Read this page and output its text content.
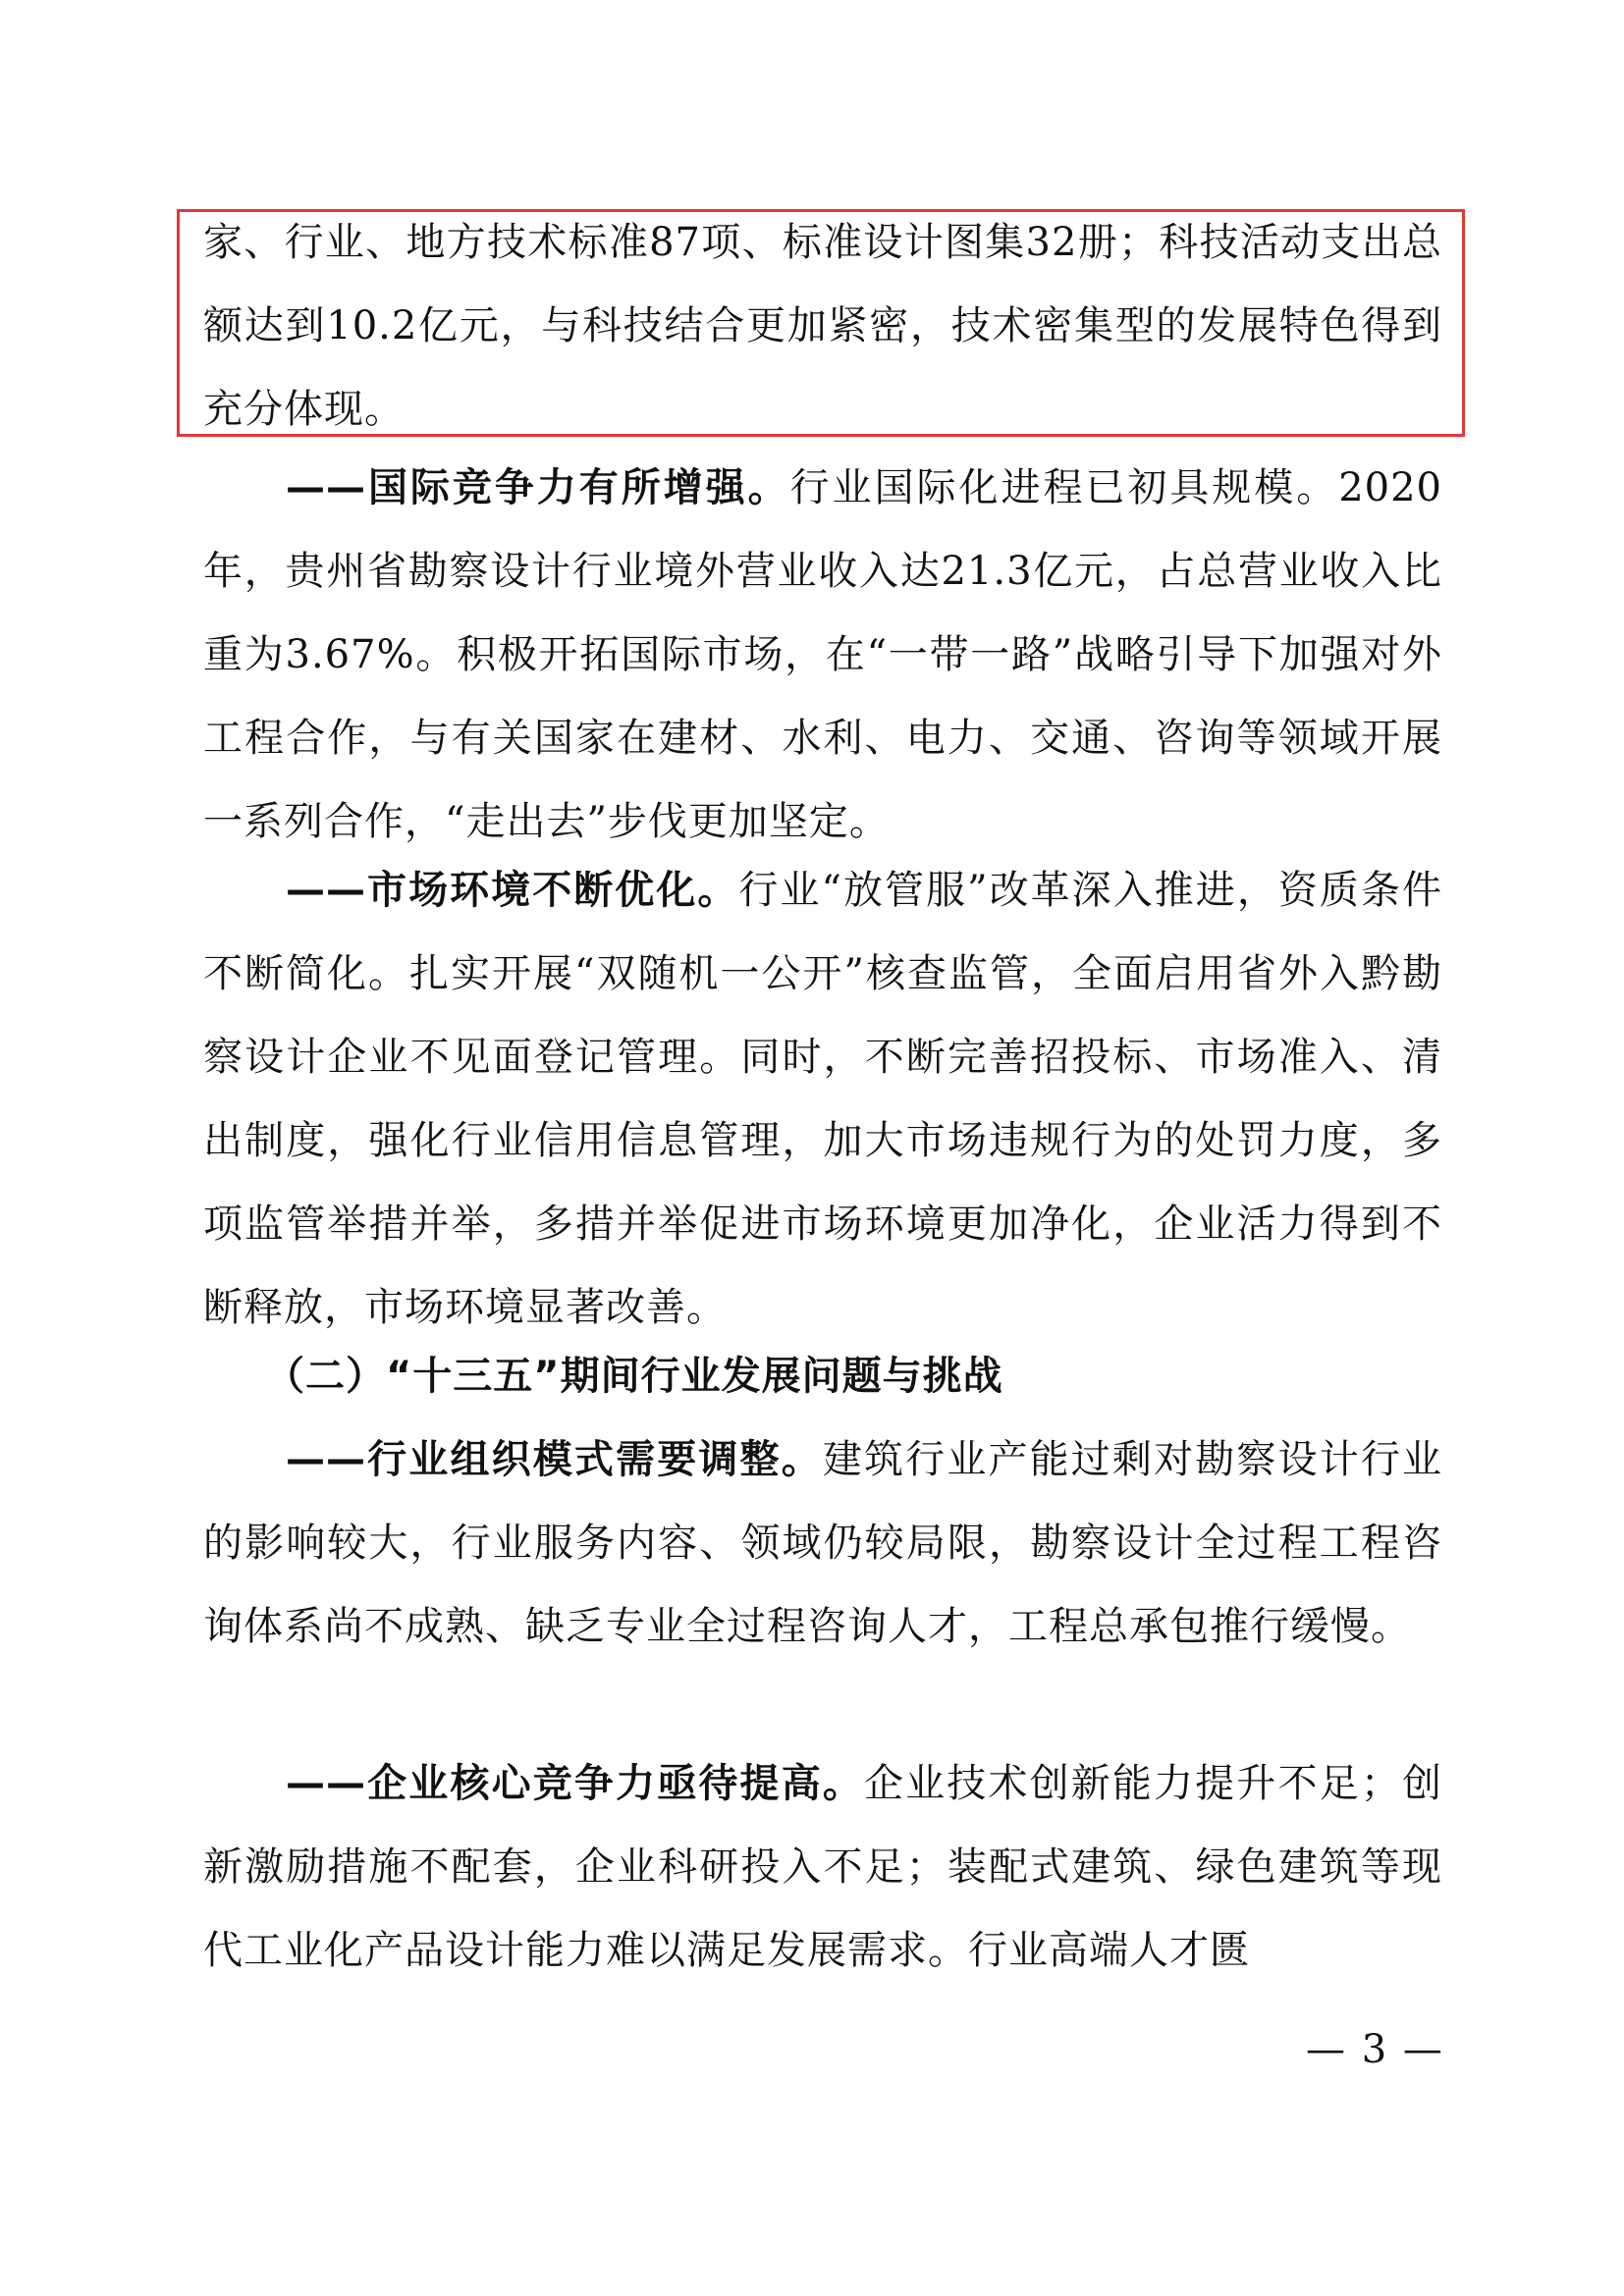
家、行业、地方技术标准87项、标准设计图集32册；科技活动支出总额达到10.2亿元，与科技结合更加紧密，技术密集型的发展特色得到充分体现。

——国际竞争力有所增强。行业国际化进程已初具规模。2020年，贵州省勘察设计行业境外营业收入达21.3亿元，占总营业收入比重为3.67%。积极开拓国际市场，在“一带一路”战略引导下加强对外工程合作，与有关国家在建材、水利、电力、交通、咨询等领域开展一系列合作，“走出去”步伐更加坚定。

——市场环境不断优化。行业“放管服”改革深入推进，资质条件不断简化。扎实开展“双随机一公开”核查监管，全面启用省外入黔勘察设计企业不见面登记管理。同时，不断完善招投标、市场准入、清出制度，强化行业信用信息管理，加大市场违规行为的处罚力度，多项监管举措并举，多措并举促进市场环境更加净化，企业活力得到不断释放，市场环境显著改善。

（二）“十三五”期间行业发展问题与挑战

——行业组织模式需要调整。建筑行业产能过剩对勘察设计行业的影响较大，行业服务内容、领域仍较局限，勘察设计全过程工程咨询体系尚不成熟、缺乏专业全过程咨询人才，工程总承包推行缓慢。

——企业核心竞争力亟待提高。企业技术创新能力提升不足；创新激励措施不配套，企业科研投入不足；装配式建筑、绿色建筑等现代工业化产品设计能力难以满足发展需求。行业高端人才匮

— 3 —
